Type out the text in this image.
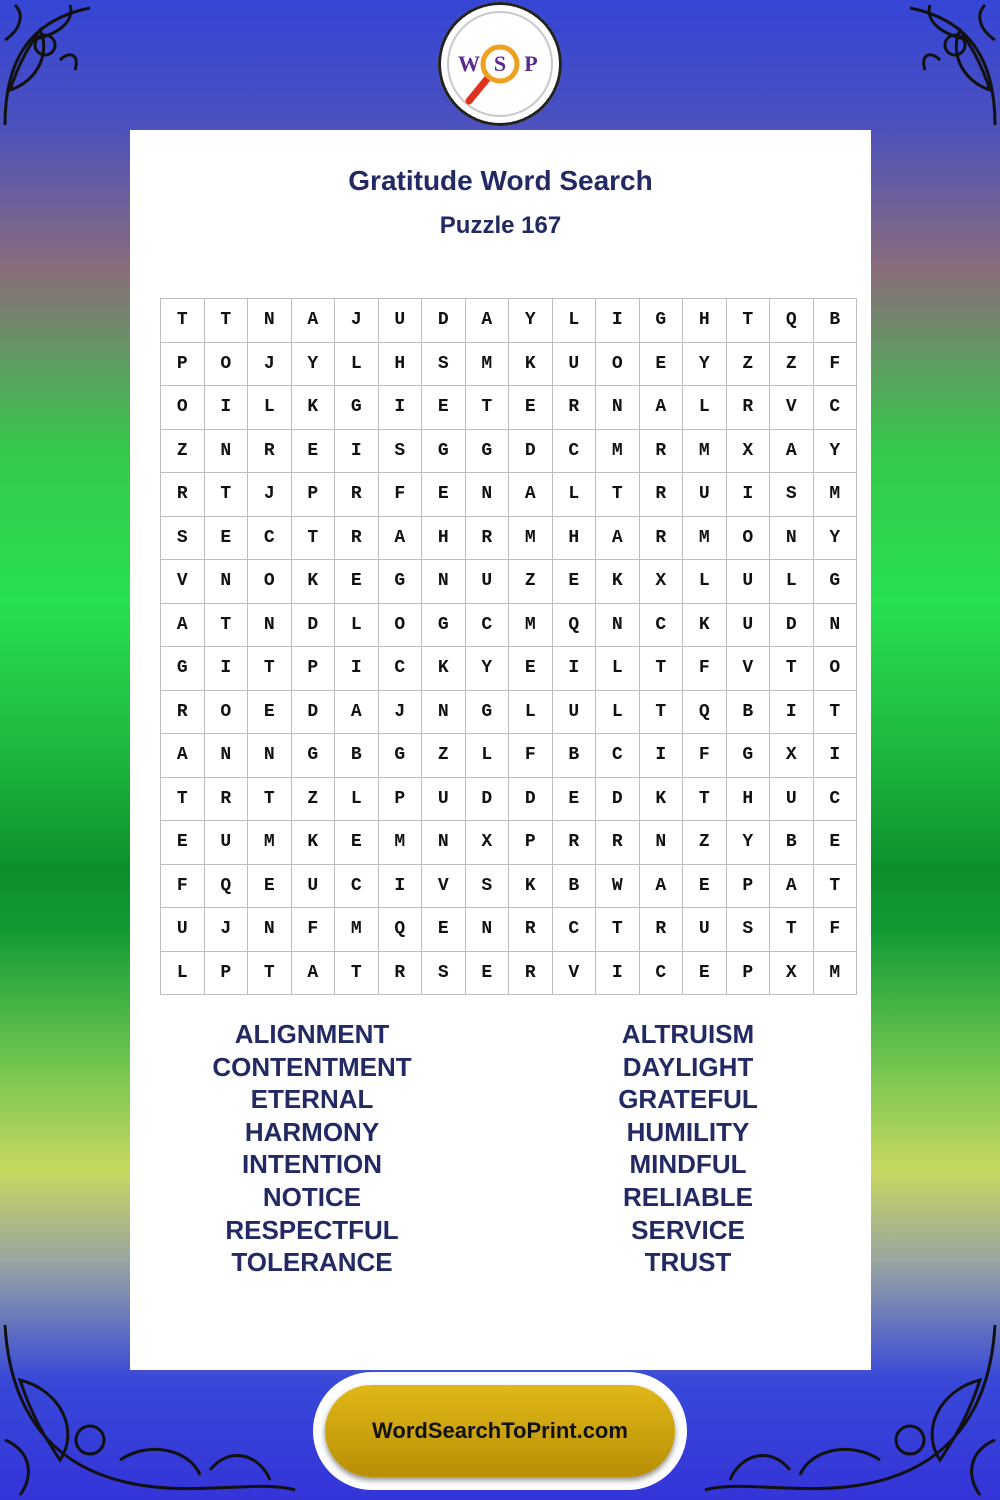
W S P
Gratitude Word Search
Puzzle 167
T	T	N	A	J	U	D	A	Y	L	I	G	H	T	Q	B
P	O	J	Y	L	H	S	M	K	U	O	E	Y	Z	Z	F
O	I	L	K	G	I	E	T	E	R	N	A	L	R	V	C
Z	N	R	E	I	S	G	G	D	C	M	R	M	X	A	Y
R	T	J	P	R	F	E	N	A	L	T	R	U	I	S	M
S	E	C	T	R	A	H	R	M	H	A	R	M	O	N	Y
V	N	O	K	E	G	N	U	Z	E	K	X	L	U	L	G
A	T	N	D	L	O	G	C	M	Q	N	C	K	U	D	N
G	I	T	P	I	C	K	Y	E	I	L	T	F	V	T	O
R	O	E	D	A	J	N	G	L	U	L	T	Q	B	I	T
A	N	N	G	B	G	Z	L	F	B	C	I	F	G	X	I
T	R	T	Z	L	P	U	D	D	E	D	K	T	H	U	C
E	U	M	K	E	M	N	X	P	R	R	N	Z	Y	B	E
F	Q	E	U	C	I	V	S	K	B	W	A	E	P	A	T
U	J	N	F	M	Q	E	N	R	C	T	R	U	S	T	F
L	P	T	A	T	R	S	E	R	V	I	C	E	P	X	M
ALIGNMENT
CONTENTMENT
ETERNAL
HARMONY
INTENTION
NOTICE
RESPECTFUL
TOLERANCE
ALTRUISM
DAYLIGHT
GRATEFUL
HUMILITY
MINDFUL
RELIABLE
SERVICE
TRUST
WordSearchToPrint.com
